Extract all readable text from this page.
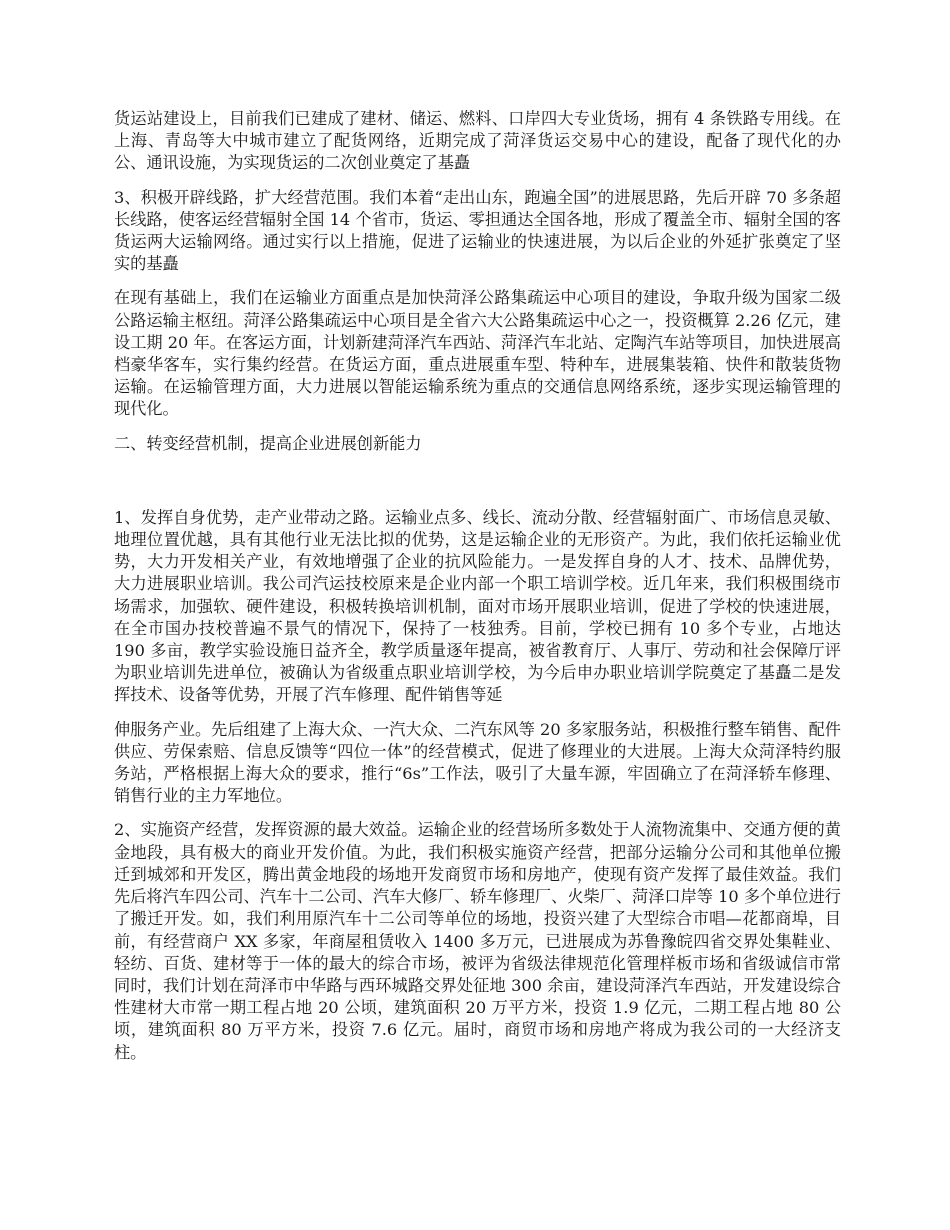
货运站建设上，目前我们已建成了建材、储运、燃料、口岸四大专业货场，拥有 4 条铁路专用线。在上海、青岛等大中城市建立了配货网络，近期完成了菏泽货运交易中心的建设，配备了现代化的办公、通讯设施，为实现货运的二次创业奠定了基矗

3、积极开辟线路，扩大经营范围。我们本着“走出山东，跑遍全国”的进展思路，先后开辟 70 多条超长线路，使客运经营辐射全国 14 个省市，货运、零担通达全国各地，形成了覆盖全市、辐射全国的客货运两大运输网络。通过实行以上措施，促进了运输业的快速进展，为以后企业的外延扩张奠定了坚实的基矗

在现有基础上，我们在运输业方面重点是加快菏泽公路集疏运中心项目的建设，争取升级为国家二级公路运输主枢纽。菏泽公路集疏运中心项目是全省六大公路集疏运中心之一，投资概算 2.26 亿元，建设工期 20 年。在客运方面，计划新建菏泽汽车西站、菏泽汽车北站、定陶汽车站等项目，加快进展高档豪华客车，实行集约经营。在货运方面，重点进展重车型、特种车，进展集装箱、快件和散装货物运输。在运输管理方面，大力进展以智能运输系统为重点的交通信息网络系统，逐步实现运输管理的现代化。

二、转变经营机制，提高企业进展创新能力

1、发挥自身优势，走产业带动之路。运输业点多、线长、流动分散、经营辐射面广、市场信息灵敏、地理位置优越，具有其他行业无法比拟的优势，这是运输企业的无形资产。为此，我们依托运输业优势，大力开发相关产业，有效地增强了企业的抗风险能力。一是发挥自身的人才、技术、品牌优势，大力进展职业培训。我公司汽运技校原来是企业内部一个职工培训学校。近几年来，我们积极围绕市场需求，加强软、硬件建设，积极转换培训机制，面对市场开展职业培训，促进了学校的快速进展，在全市国办技校普遍不景气的情况下，保持了一枝独秀。目前，学校已拥有 10 多个专业，占地达 190 多亩，教学实验设施日益齐全，教学质量逐年提高，被省教育厅、人事厅、劳动和社会保障厅评为职业培训先进单位，被确认为省级重点职业培训学校，为今后申办职业培训学院奠定了基矗二是发挥技术、设备等优势，开展了汽车修理、配件销售等延

伸服务产业。先后组建了上海大众、一汽大众、二汽东风等 20 多家服务站，积极推行整车销售、配件供应、劳保索赔、信息反馈等“四位一体”的经营模式，促进了修理业的大进展。上海大众菏泽特约服务站，严格根据上海大众的要求，推行“6s”工作法，吸引了大量车源，牢固确立了在菏泽轿车修理、销售行业的主力军地位。

2、实施资产经营，发挥资源的最大效益。运输企业的经营场所多数处于人流物流集中、交通方便的黄金地段，具有极大的商业开发价值。为此，我们积极实施资产经营，把部分运输分公司和其他单位搬迁到城郊和开发区，腾出黄金地段的场地开发商贸市场和房地产，使现有资产发挥了最佳效益。我们先后将汽车四公司、汽车十二公司、汽车大修厂、轿车修理厂、火柴厂、菏泽口岸等 10 多个单位进行了搬迁开发。如，我们利用原汽车十二公司等单位的场地，投资兴建了大型综合市唱—花都商埠，目前，有经营商户 XX 多家，年商屋租赁收入 1400 多万元，已进展成为苏鲁豫皖四省交界处集鞋业、轻纺、百货、建材等于一体的最大的综合市场，被评为省级法律规范化管理样板市场和省级诚信市常同时，我们计划在菏泽市中华路与西环城路交界处征地 300 余亩，建设菏泽汽车西站，开发建设综合性建材大市常一期工程占地 20 公顷，建筑面积 20 万平方米，投资 1.9 亿元，二期工程占地 80 公顷，建筑面积 80 万平方米，投资 7.6 亿元。届时，商贸市场和房地产将成为我公司的一大经济支柱。
